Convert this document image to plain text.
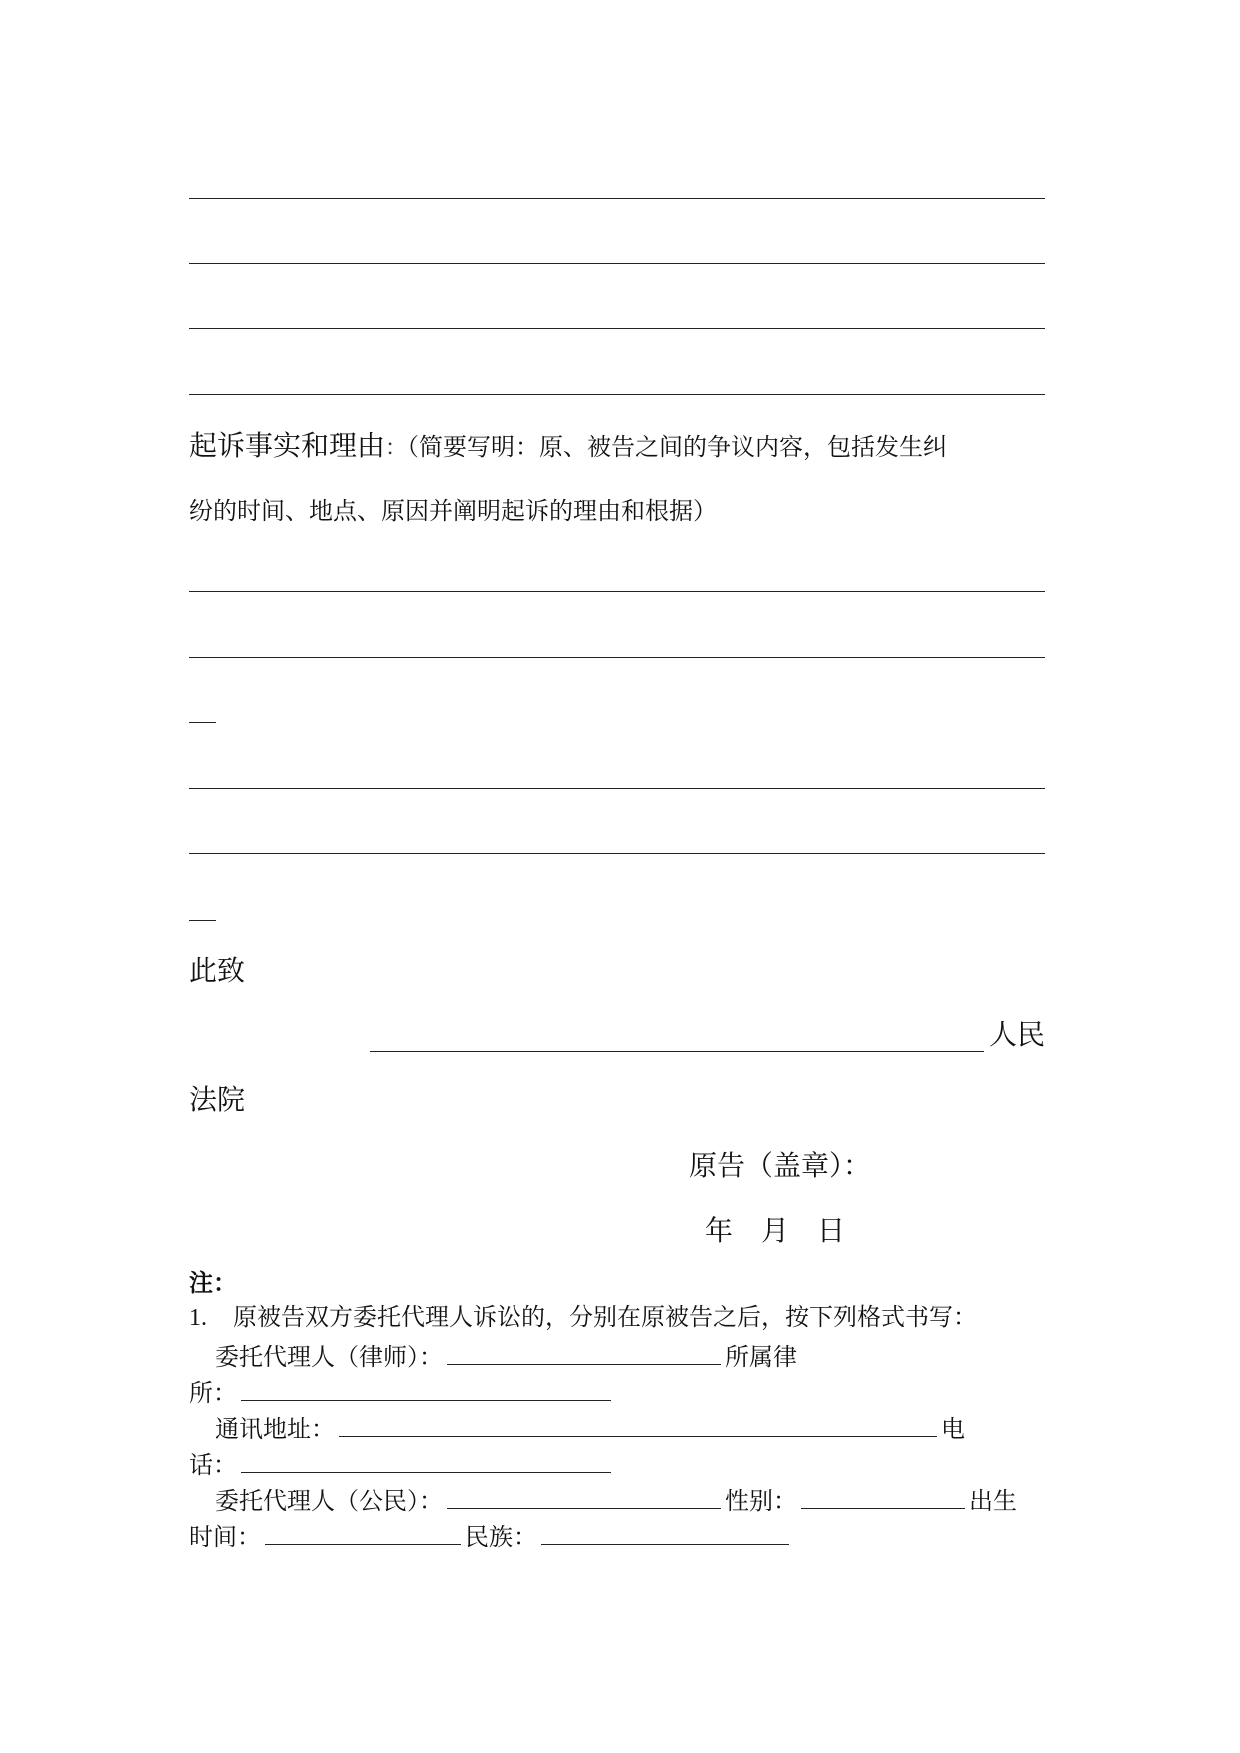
起诉事实和理由：（简要写明：原、被告之间的争议内容，包括发生纠
纷的时间、地点、原因并阐明起诉的理由和根据）
此致
人民
法院
原告（盖章）：
年　月　日
注：
1. 原被告双方委托代理人诉讼的，分别在原被告之后，按下列格式书写：
委托代理人（律师）：	所属律
所：
通讯地址：	电
话：
委托代理人（公民）：	性别：	出生
时间：	民族：
